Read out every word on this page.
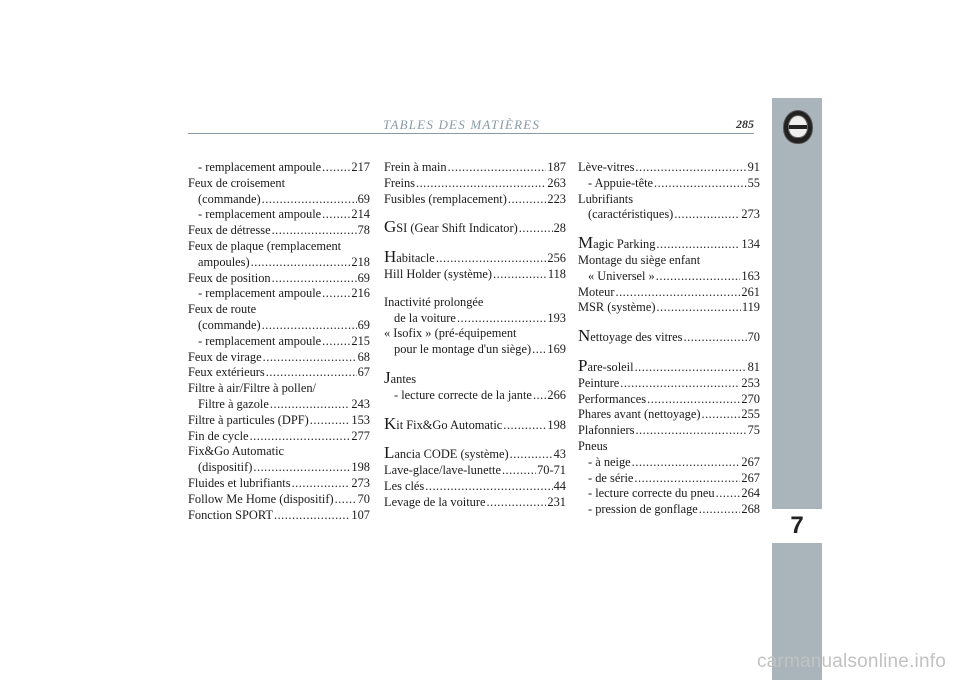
TABLES DES MATIÈRES	285
7
- remplacement ampoule ..... 217
Feux de croisement
(commande) .....	69
- remplacement ampoule ..... 214
Feux de détresse .....	78
Feux de plaque (remplacement
ampoules) .....	218
Feux de position .....	69
- remplacement ampoule ..... 216
Feux de route
(commande) .....	69
- remplacement ampoule ..... 215
Feux de virage .....	68
Feux extérieurs .....	67
Filtre à air/Filtre à pollen/
Filtre à gazole .....	243
Filtre à particules (DPF) .....	153
Fin de cycle .....	277
Fix&Go Automatic
(dispositif) .....	198
Fluides et lubrifiants .....	273
Follow Me Home (dispositif) ..... 70
Fonction SPORT .....	107
Frein à main .....	187
Freins .....	263
Fusibles (remplacement) .....	223
GSI (Gear Shift Indicator) .....	28
Habitacle .....	256
Hill Holder (système) .....	118
Inactivité prolongée
de la voiture .....	193
« Isofix » (pré-équipement
pour le montage d'un siège) ..... 169
Jantes
- lecture correcte de la jante ..... 266
Kit Fix&Go Automatic .....	198
Lancia CODE (système) .....	43
Lave-glace/lave-lunette .....	70-71
Les clés .....	44
Levage de la voiture .....	231
Lève-vitres .....	91
- Appuie-tête .....	55
Lubrifiants
(caractéristiques) .....	273
Magic Parking .....	134
Montage du siège enfant
« Universel » .....	163
Moteur .....	261
MSR (système) .....	119
Nettoyage des vitres .....	70
Pare-soleil .....	81
Peinture .....	253
Performances .....	270
Phares avant (nettoyage) .....	255
Plafonniers .....	75
Pneus
- à neige .....	267
- de série .....	267
- lecture correcte du pneu ..... 264
- pression de gonflage .....	268
carmanualsonline.info
